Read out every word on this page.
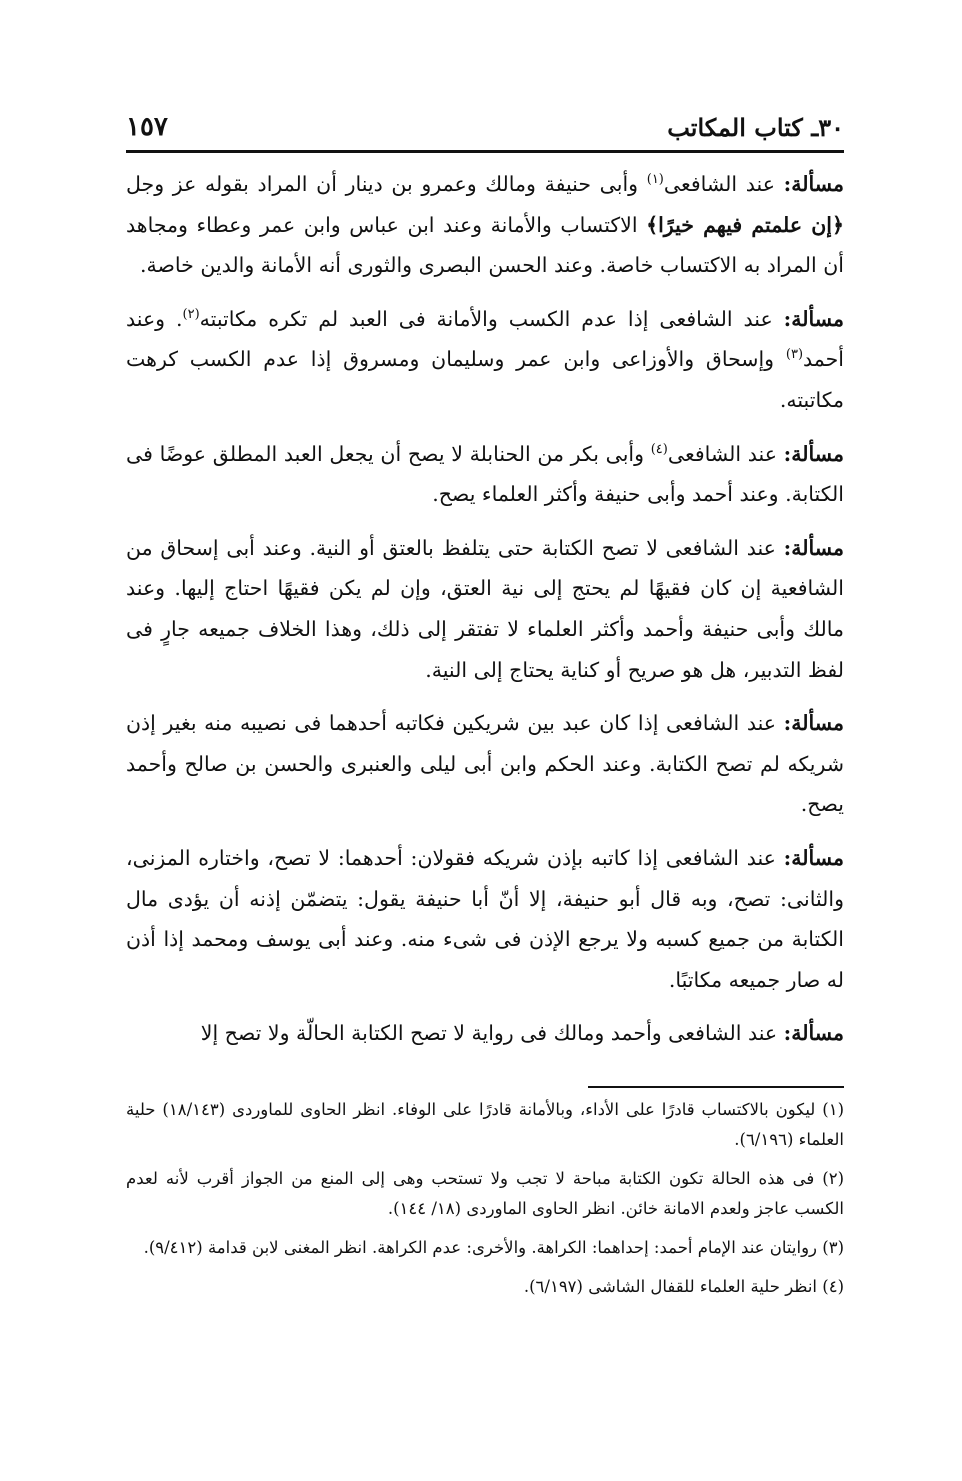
٣٠ـ كتاب المكاتب
١٥٧

مسألة: عند الشافعى$^{(١)}$ وأبى حنيفة ومالك وعمرو بن دينار أن المراد بقوله عز وجل ﴿إن علمتم فيهم خيرًا﴾ الاكتساب والأمانة وعند ابن عباس وابن عمر وعطاء ومجاهد أن المراد به الاكتساب خاصة. وعند الحسن البصرى والثورى أنه الأمانة والدين خاصة.

مسألة: عند الشافعى إذا عدم الكسب والأمانة فى العبد لم تكره مكاتبته$^{(٢)}$. وعند أحمد$^{(٣)}$ وإسحاق والأوزاعى وابن عمر وسليمان ومسروق إذا عدم الكسب كرهت مكاتبته.

مسألة: عند الشافعى$^{(٤)}$ وأبى بكر من الحنابلة لا يصح أن يجعل العبد المطلق عوضًا فى الكتابة. وعند أحمد وأبى حنيفة وأكثر العلماء يصح.

مسألة: عند الشافعى لا تصح الكتابة حتى يتلفظ بالعتق أو النية. وعند أبى إسحاق من الشافعية إن كان فقيهًا لم يحتج إلى نية العتق، وإن لم يكن فقيهًا احتاج إليها. وعند مالك وأبى حنيفة وأحمد وأكثر العلماء لا تفتقر إلى ذلك، وهذا الخلاف جميعه جارٍ فى لفظ التدبير، هل هو صريح أو كناية يحتاج إلى النية.

مسألة: عند الشافعى إذا كان عبد بين شريكين فكاتبه أحدهما فى نصيبه منه بغير إذن شريكه لم تصح الكتابة. وعند الحكم وابن أبى ليلى والعنبرى والحسن بن صالح وأحمد يصح.

مسألة: عند الشافعى إذا كاتبه بإذن شريكه فقولان: أحدهما: لا تصح، واختاره المزنى، والثانى: تصح، وبه قال أبو حنيفة، إلا أنّ أبا حنيفة يقول: يتضمّن إذنه أن يؤدى مال الكتابة من جميع كسبه ولا يرجع الإذن فى شىء منه. وعند أبى يوسف ومحمد إذا أذن له صار جميعه مكاتبًا.

مسألة: عند الشافعى وأحمد ومالك فى رواية لا تصح الكتابة الحالّة ولا تصح إلا

(١) ليكون بالاكتساب قادرًا على الأداء، وبالأمانة قادرًا على الوفاء. انظر الحاوى للماوردى (١٨/١٤٣) حلية العلماء (٦/١٩٦).

(٢) فى هذه الحالة تكون الكتابة مباحة لا تجب ولا تستحب وهى إلى المنع من الجواز أقرب لأنه لعدم الكسب عاجز ولعدم الامانة خائن. انظر الحاوى الماوردى (١٨/ ١٤٤).

(٣) روايتان عند الإمام أحمد: إحداهما: الكراهة. والأخرى: عدم الكراهة. انظر المغنى لابن قدامة (٩/٤١٢).

(٤) انظر حلية العلماء للقفال الشاشى (٦/١٩٧).
